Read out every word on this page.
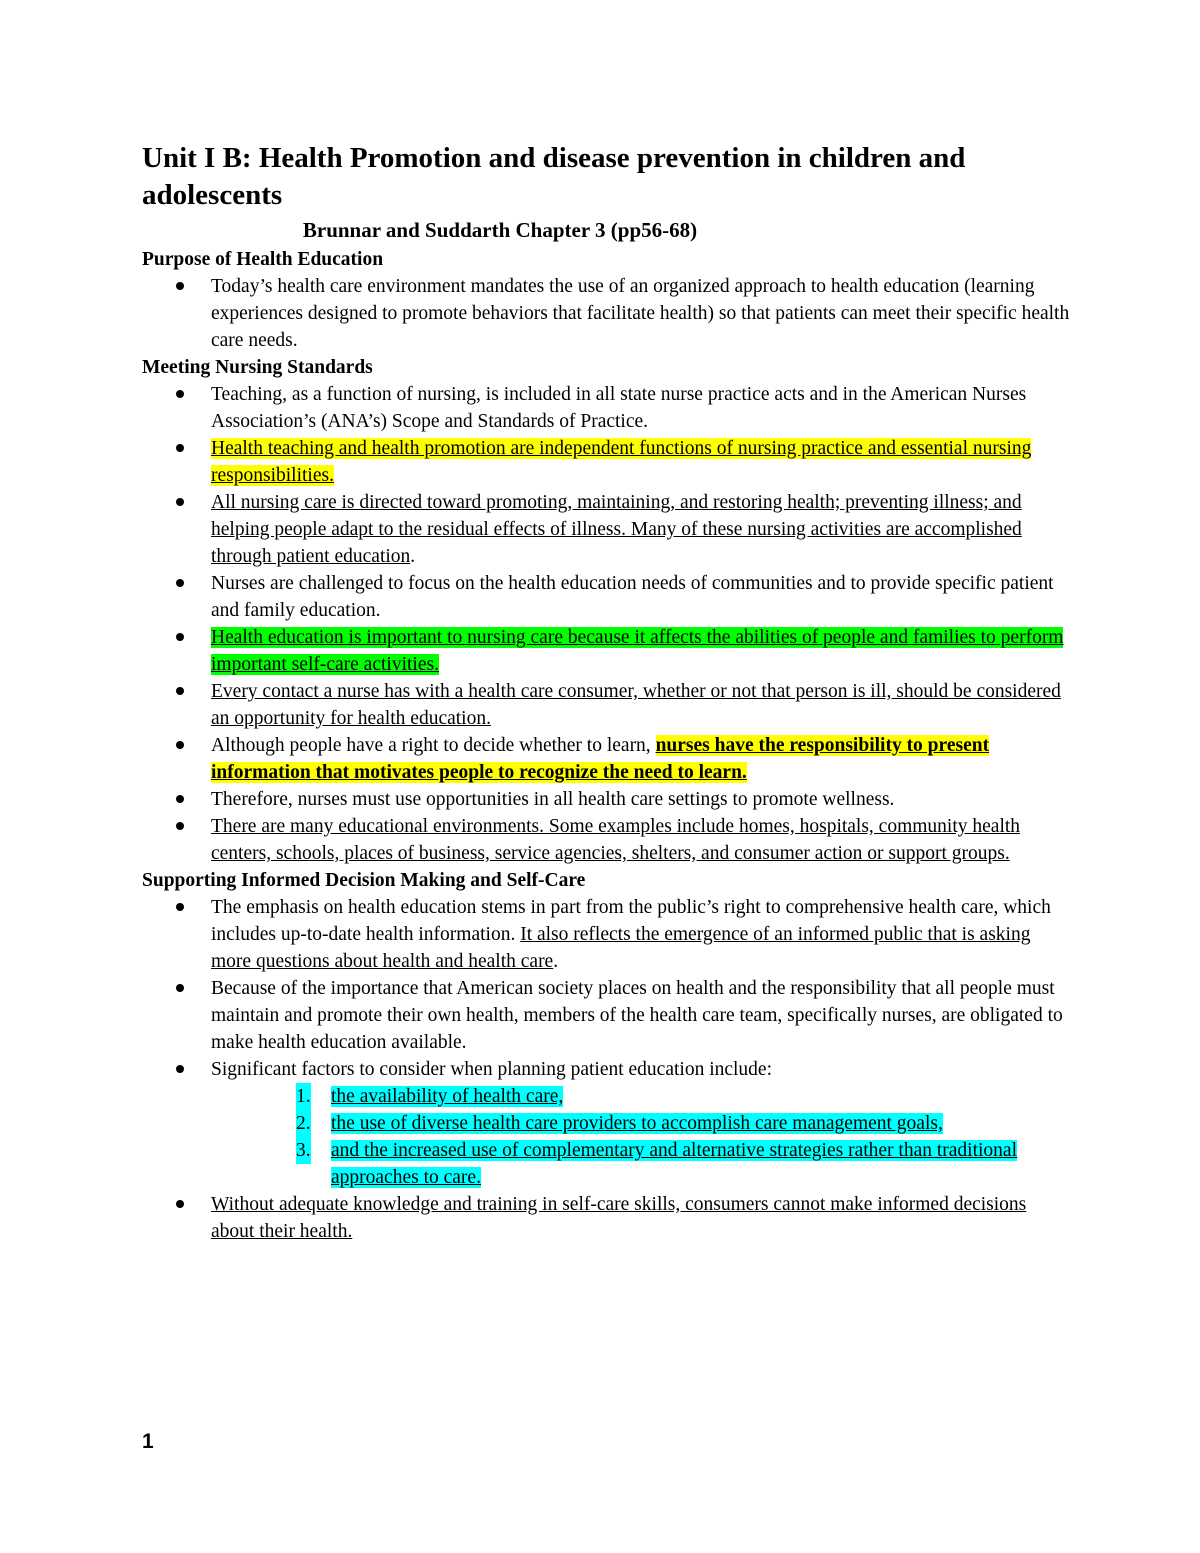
Unit I B: Health Promotion and disease prevention in children and adolescents
Brunnar and Suddarth Chapter 3 (pp56-68)

Purpose of Health Education

Today’s health care environment mandates the use of an organized approach to health education (learning experiences designed to promote behaviors that facilitate health) so that patients can meet their specific health care needs.

Meeting Nursing Standards

Teaching, as a function of nursing, is included in all state nurse practice acts and in the American Nurses Association’s (ANA’s) Scope and Standards of Practice.
Health teaching and health promotion are independent functions of nursing practice and essential nursing responsibilities.
All nursing care is directed toward promoting, maintaining, and restoring health; preventing illness; and helping people adapt to the residual effects of illness. Many of these nursing activities are accomplished through patient education.
Nurses are challenged to focus on the health education needs of communities and to provide specific patient and family education.
Health education is important to nursing care because it affects the abilities of people and families to perform important self-care activities.
Every contact a nurse has with a health care consumer, whether or not that person is ill, should be considered an opportunity for health education.
Although people have a right to decide whether to learn, nurses have the responsibility to present information that motivates people to recognize the need to learn.
Therefore, nurses must use opportunities in all health care settings to promote wellness.
There are many educational environments. Some examples include homes, hospitals, community health centers, schools, places of business, service agencies, shelters, and consumer action or support groups.

Supporting Informed Decision Making and Self-Care

The emphasis on health education stems in part from the public’s right to comprehensive health care, which includes up-to-date health information. It also reflects the emergence of an informed public that is asking more questions about health and health care.
Because of the importance that American society places on health and the responsibility that all people must maintain and promote their own health, members of the health care team, specifically nurses, are obligated to make health education available.
Significant factors to consider when planning patient education include:
1. the availability of health care,
2. the use of diverse health care providers to accomplish care management goals,
3. and the increased use of complementary and alternative strategies rather than traditional approaches to care.
Without adequate knowledge and training in self-care skills, consumers cannot make informed decisions about their health.
1
